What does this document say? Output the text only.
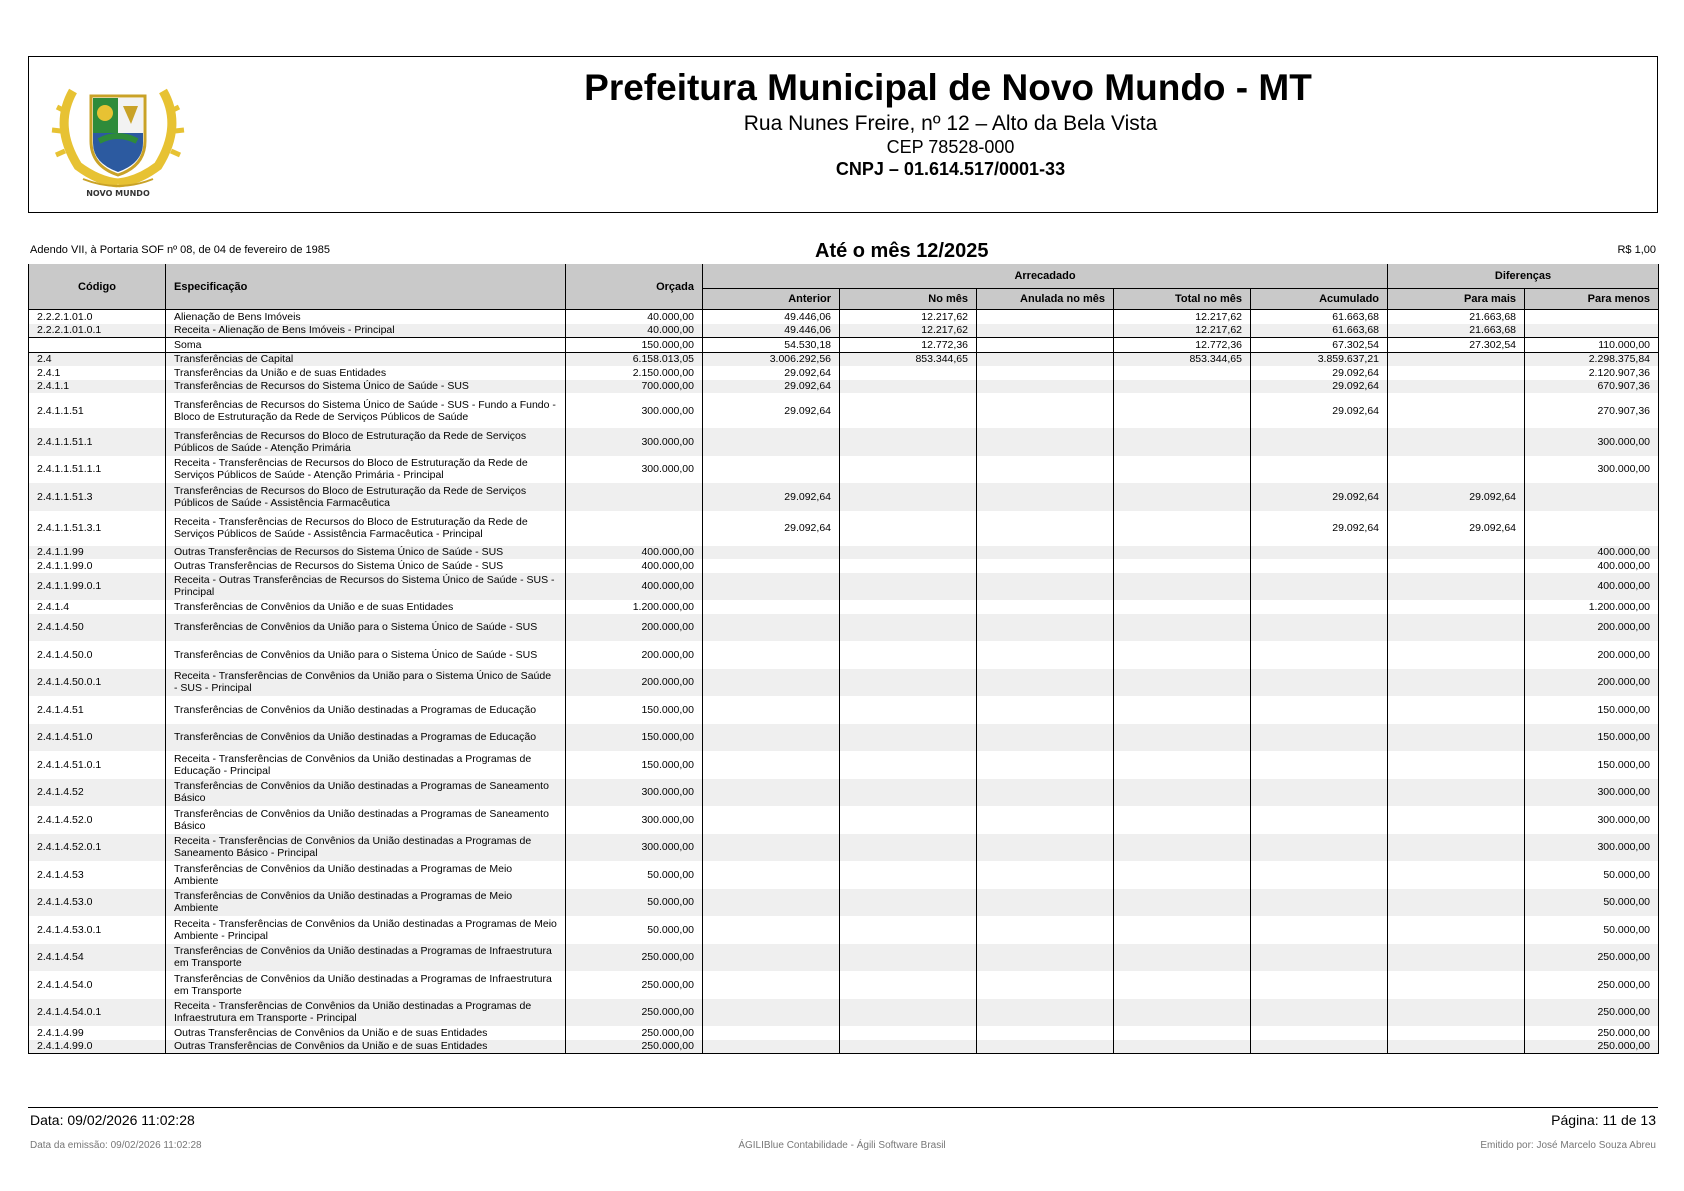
NOVO MUNDO
Prefeitura Municipal de Novo Mundo - MT
Rua Nunes Freire, nº 12 – Alto da Bela Vista
CEP 78528-000
CNPJ – 01.614.517/0001-33
Adendo VII, à Portaria SOF nº 08, de 04 de fevereiro de 1985	Até o mês 12/2025	R$ 1,00
Código	Especificação	Orçada	Arrecadado					Diferenças	
			Anterior	No mês	Anulada no mês	Total no mês	Acumulado	Para mais	Para menos
2.2.2.1.01.0	Alienação de Bens Imóveis	40.000,00	49.446,06	12.217,62		12.217,62	61.663,68	21.663,68	
2.2.2.1.01.0.1	Receita - Alienação de Bens Imóveis - Principal	40.000,00	49.446,06	12.217,62		12.217,62	61.663,68	21.663,68	
	Soma	150.000,00	54.530,18	12.772,36		12.772,36	67.302,54	27.302,54	110.000,00
2.4	Transferências de Capital	6.158.013,05	3.006.292,56	853.344,65		853.344,65	3.859.637,21		2.298.375,84
2.4.1	Transferências da União e de suas Entidades	2.150.000,00	29.092,64				29.092,64		2.120.907,36
2.4.1.1	Transferências de Recursos do Sistema Único de Saúde - SUS	700.000,00	29.092,64				29.092,64		670.907,36
2.4.1.1.51	Transferências de Recursos do Sistema Único de Saúde - SUS - Fundo a Fundo - Bloco de Estruturação da Rede de Serviços Públicos de Saúde	300.000,00	29.092,64				29.092,64		270.907,36
2.4.1.1.51.1	Transferências de Recursos do Bloco de Estruturação da Rede de Serviços Públicos de Saúde - Atenção Primária	300.000,00							300.000,00
2.4.1.1.51.1.1	Receita - Transferências de Recursos do Bloco de Estruturação da Rede de Serviços Públicos de Saúde - Atenção Primária - Principal	300.000,00							300.000,00
2.4.1.1.51.3	Transferências de Recursos do Bloco de Estruturação da Rede de Serviços Públicos de Saúde - Assistência Farmacêutica		29.092,64				29.092,64	29.092,64	
2.4.1.1.51.3.1	Receita - Transferências de Recursos do Bloco de Estruturação da Rede de Serviços Públicos de Saúde - Assistência Farmacêutica - Principal		29.092,64				29.092,64	29.092,64	
2.4.1.1.99	Outras Transferências de Recursos do Sistema Único de Saúde - SUS	400.000,00							400.000,00
2.4.1.1.99.0	Outras Transferências de Recursos do Sistema Único de Saúde - SUS	400.000,00							400.000,00
2.4.1.1.99.0.1	Receita - Outras Transferências de Recursos do Sistema Único de Saúde - SUS - Principal	400.000,00							400.000,00
2.4.1.4	Transferências de Convênios da União e de suas Entidades	1.200.000,00							1.200.000,00
2.4.1.4.50	Transferências de Convênios da União para o Sistema Único de Saúde - SUS	200.000,00							200.000,00
2.4.1.4.50.0	Transferências de Convênios da União para o Sistema Único de Saúde - SUS	200.000,00							200.000,00
2.4.1.4.50.0.1	Receita - Transferências de Convênios da União para o Sistema Único de Saúde - SUS - Principal	200.000,00							200.000,00
2.4.1.4.51	Transferências de Convênios da União destinadas a Programas de Educação	150.000,00							150.000,00
2.4.1.4.51.0	Transferências de Convênios da União destinadas a Programas de Educação	150.000,00							150.000,00
2.4.1.4.51.0.1	Receita - Transferências de Convênios da União destinadas a Programas de Educação - Principal	150.000,00							150.000,00
2.4.1.4.52	Transferências de Convênios da União destinadas a Programas de Saneamento Básico	300.000,00							300.000,00
2.4.1.4.52.0	Transferências de Convênios da União destinadas a Programas de Saneamento Básico	300.000,00							300.000,00
2.4.1.4.52.0.1	Receita - Transferências de Convênios da União destinadas a Programas de Saneamento Básico - Principal	300.000,00							300.000,00
2.4.1.4.53	Transferências de Convênios da União destinadas a Programas de Meio Ambiente	50.000,00							50.000,00
2.4.1.4.53.0	Transferências de Convênios da União destinadas a Programas de Meio Ambiente	50.000,00							50.000,00
2.4.1.4.53.0.1	Receita - Transferências de Convênios da União destinadas a Programas de Meio Ambiente - Principal	50.000,00							50.000,00
2.4.1.4.54	Transferências de Convênios da União destinadas a Programas de Infraestrutura em Transporte	250.000,00							250.000,00
2.4.1.4.54.0	Transferências de Convênios da União destinadas a Programas de Infraestrutura em Transporte	250.000,00							250.000,00
2.4.1.4.54.0.1	Receita - Transferências de Convênios da União destinadas a Programas de Infraestrutura em Transporte - Principal	250.000,00							250.000,00
2.4.1.4.99	Outras Transferências de Convênios da União e de suas Entidades	250.000,00							250.000,00
2.4.1.4.99.0	Outras Transferências de Convênios da União e de suas Entidades	250.000,00							250.000,00
Data: 09/02/2026 11:02:28	Página: 11 de 13
Data da emissão: 09/02/2026 11:02:28	ÁGILIBlue Contabilidade - Ágili Software Brasil	Emitido por: José Marcelo Souza Abreu
